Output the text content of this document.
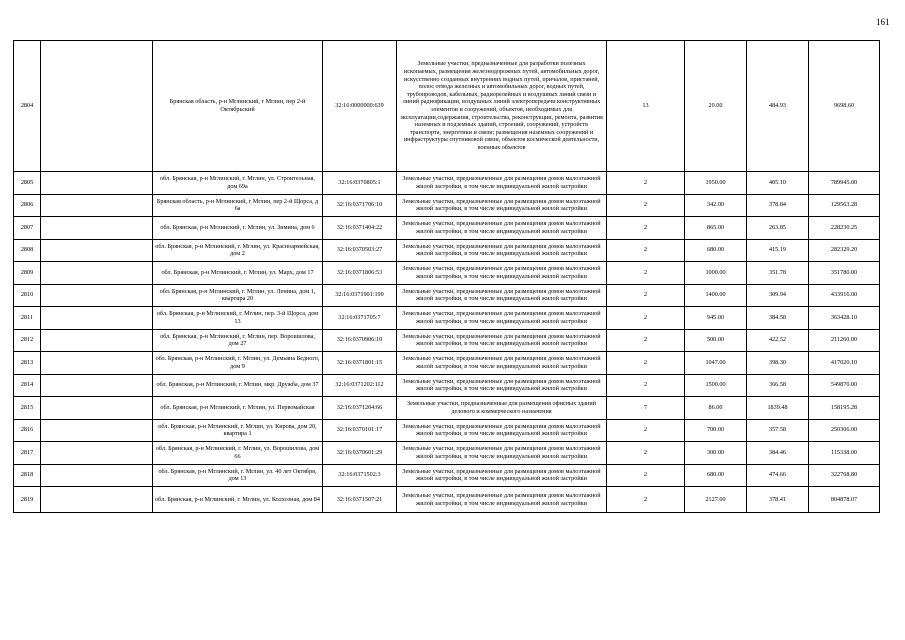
161
2804		Брянская область, р-н Мглинский, г Мглин, пер 2-й Октябрьский	32:16:0000000:639	Земельные участки, предназначенные для разработки полезных ископаемых, размещения железнодорожных путей, автомобильных дорог, искусственно созданных внутренних водных путей, причалов, пристаней, полос отвода железных и автомобильных дорог, водных путей, трубопроводов, кабельных, радиорелейных и воздушных линий связи и линий радиофикации, воздушных линий электропередачи конструктивных элементов и сооружений, объектов, необходимых для эксплуатации,содержания, строительства, реконструкции, ремонта, развития наземных и подземных зданий, строений, сооружений, устройств транспорта, энергетики и связи; размещения наземных сооружений и инфраструктуры спутниковой связи, объектов космической деятельности, военных объектов	13	20.00	484.93	9698.60
2805		обл. Брянская, р-н Мглинский, г. Мглин, ул. Строительная, дом 69а	32:16:0370805:1	Земельные участки, предназначенные для размещения домов малоэтажной жилой застройки, в том числе индивидуальной жилой застройки	2	1950.00	405.10	789945.00
2806		Брянская область, р-н Мглинский, г Мглин, пер 2-й Щорса, д 6а	32:16:0371706:10	Земельные участки, предназначенные для размещения домов малоэтажной жилой застройки, в том числе индивидуальной жилой застройки	2	342.00	378.84	129563.28
2807		обл. Брянская, р-н Мглинский, г. Мглин, ул. Зимина, дом 6	32:16:0371404:22	Земельные участки, предназначенные для размещения домов малоэтажной жилой застройки, в том числе индивидуальной жилой застройки	2	865.00	263.85	228230.25
2808		обл. Брянская, р-н Мглинский, г. Мглин, ул. Красноармейская, дом 2	32:16:0370503:27	Земельные участки, предназначенные для размещения домов малоэтажной жилой застройки, в том числе индивидуальной жилой застройки	2	680.00	415.19	282329.20
2809		обл. Брянская, р-н Мглинский, г. Мглин, ул. Марх, дом 17	32:16:0371806:53	Земельные участки, предназначенные для размещения домов малоэтажной жилой застройки, в том числе индивидуальной жилой застройки	2	1000.00	351.78	351780.00
2810		обл. Брянская, р-н Мглинский, г. Мглин, ул. Ленина, дом 1, квартира 20	32:16:0371901:199	Земельные участки, предназначенные для размещения домов малоэтажной жилой застройки, в том числе индивидуальной жилой застройки	2	1400.00	309.94	433916.00
2811		обл. Брянская, р-н Мглинский, г. Мглин, пер. 3-й Щорса, дом 13	32:16:0371705:7	Земельные участки, предназначенные для размещения домов малоэтажной жилой застройки, в том числе индивидуальной жилой застройки	2	945.00	384.58	363428.10
2812		обл. Брянская, р-н Мглинский, г. Мглин, пер. Ворошилова, дом 27	32:16:0370906:10	Земельные участки, предназначенные для размещения домов малоэтажной жилой застройки, в том числе индивидуальной жилой застройки	2	500.00	422.52	211260.00
2813		обл. Брянская, р-н Мглинский, г. Мглин, ул. Демьяна Бедного, дом 9	32:16:0371801:15	Земельные участки, предназначенные для размещения домов малоэтажной жилой застройки, в том числе индивидуальной жилой застройки	2	1047.00	398.30	417020.10
2814		обл. Брянская, р-н Мглинский, г. Мглин, мкр. Дружба, дом 37	32:16:0371202:112	Земельные участки, предназначенные для размещения домов малоэтажной жилой застройки, в том числе индивидуальной жилой застройки	2	1500.00	366.58	549870.00
2815		обл. Брянская, р-н Мглинский, г. Мглин, ул. Первомайская	32:16:0371204:66	Земельные участки, предназначенные для размещения офисных зданий делового и коммерческого назначения	7	86.00	1839.48	158195.28
2816		обл. Брянская, р-н Мглинский, г. Мглин, ул. Кирова, дом 20, квартира 1	32:16:0370101:17	Земельные участки, предназначенные для размещения домов малоэтажной жилой застройки, в том числе индивидуальной жилой застройки	2	700.00	357.58	250306.00
2817		обл. Брянская, р-н Мглинский, г. Мглин, ул. Ворошилова, дом 66	32:16:0370601:29	Земельные участки, предназначенные для размещения домов малоэтажной жилой застройки, в том числе индивидуальной жилой застройки	2	300.00	384.46	115338.00
2818		обл. Брянская, р-н Мглинский, г. Мглин, ул. 40 лет Октября, дом 13	32:16:0371502:3	Земельные участки, предназначенные для размещения домов малоэтажной жилой застройки, в том числе индивидуальной жилой застройки	2	680.00	474.66	322768.80
2819		обл. Брянская, р-н Мглинский, г. Мглин, ул. Колхозная, дом 84	32:16:0371507:21	Земельные участки, предназначенные для размещения домов малоэтажной жилой застройки, в том числе индивидуальной жилой застройки	2	2127.00	378.41	804878.07
